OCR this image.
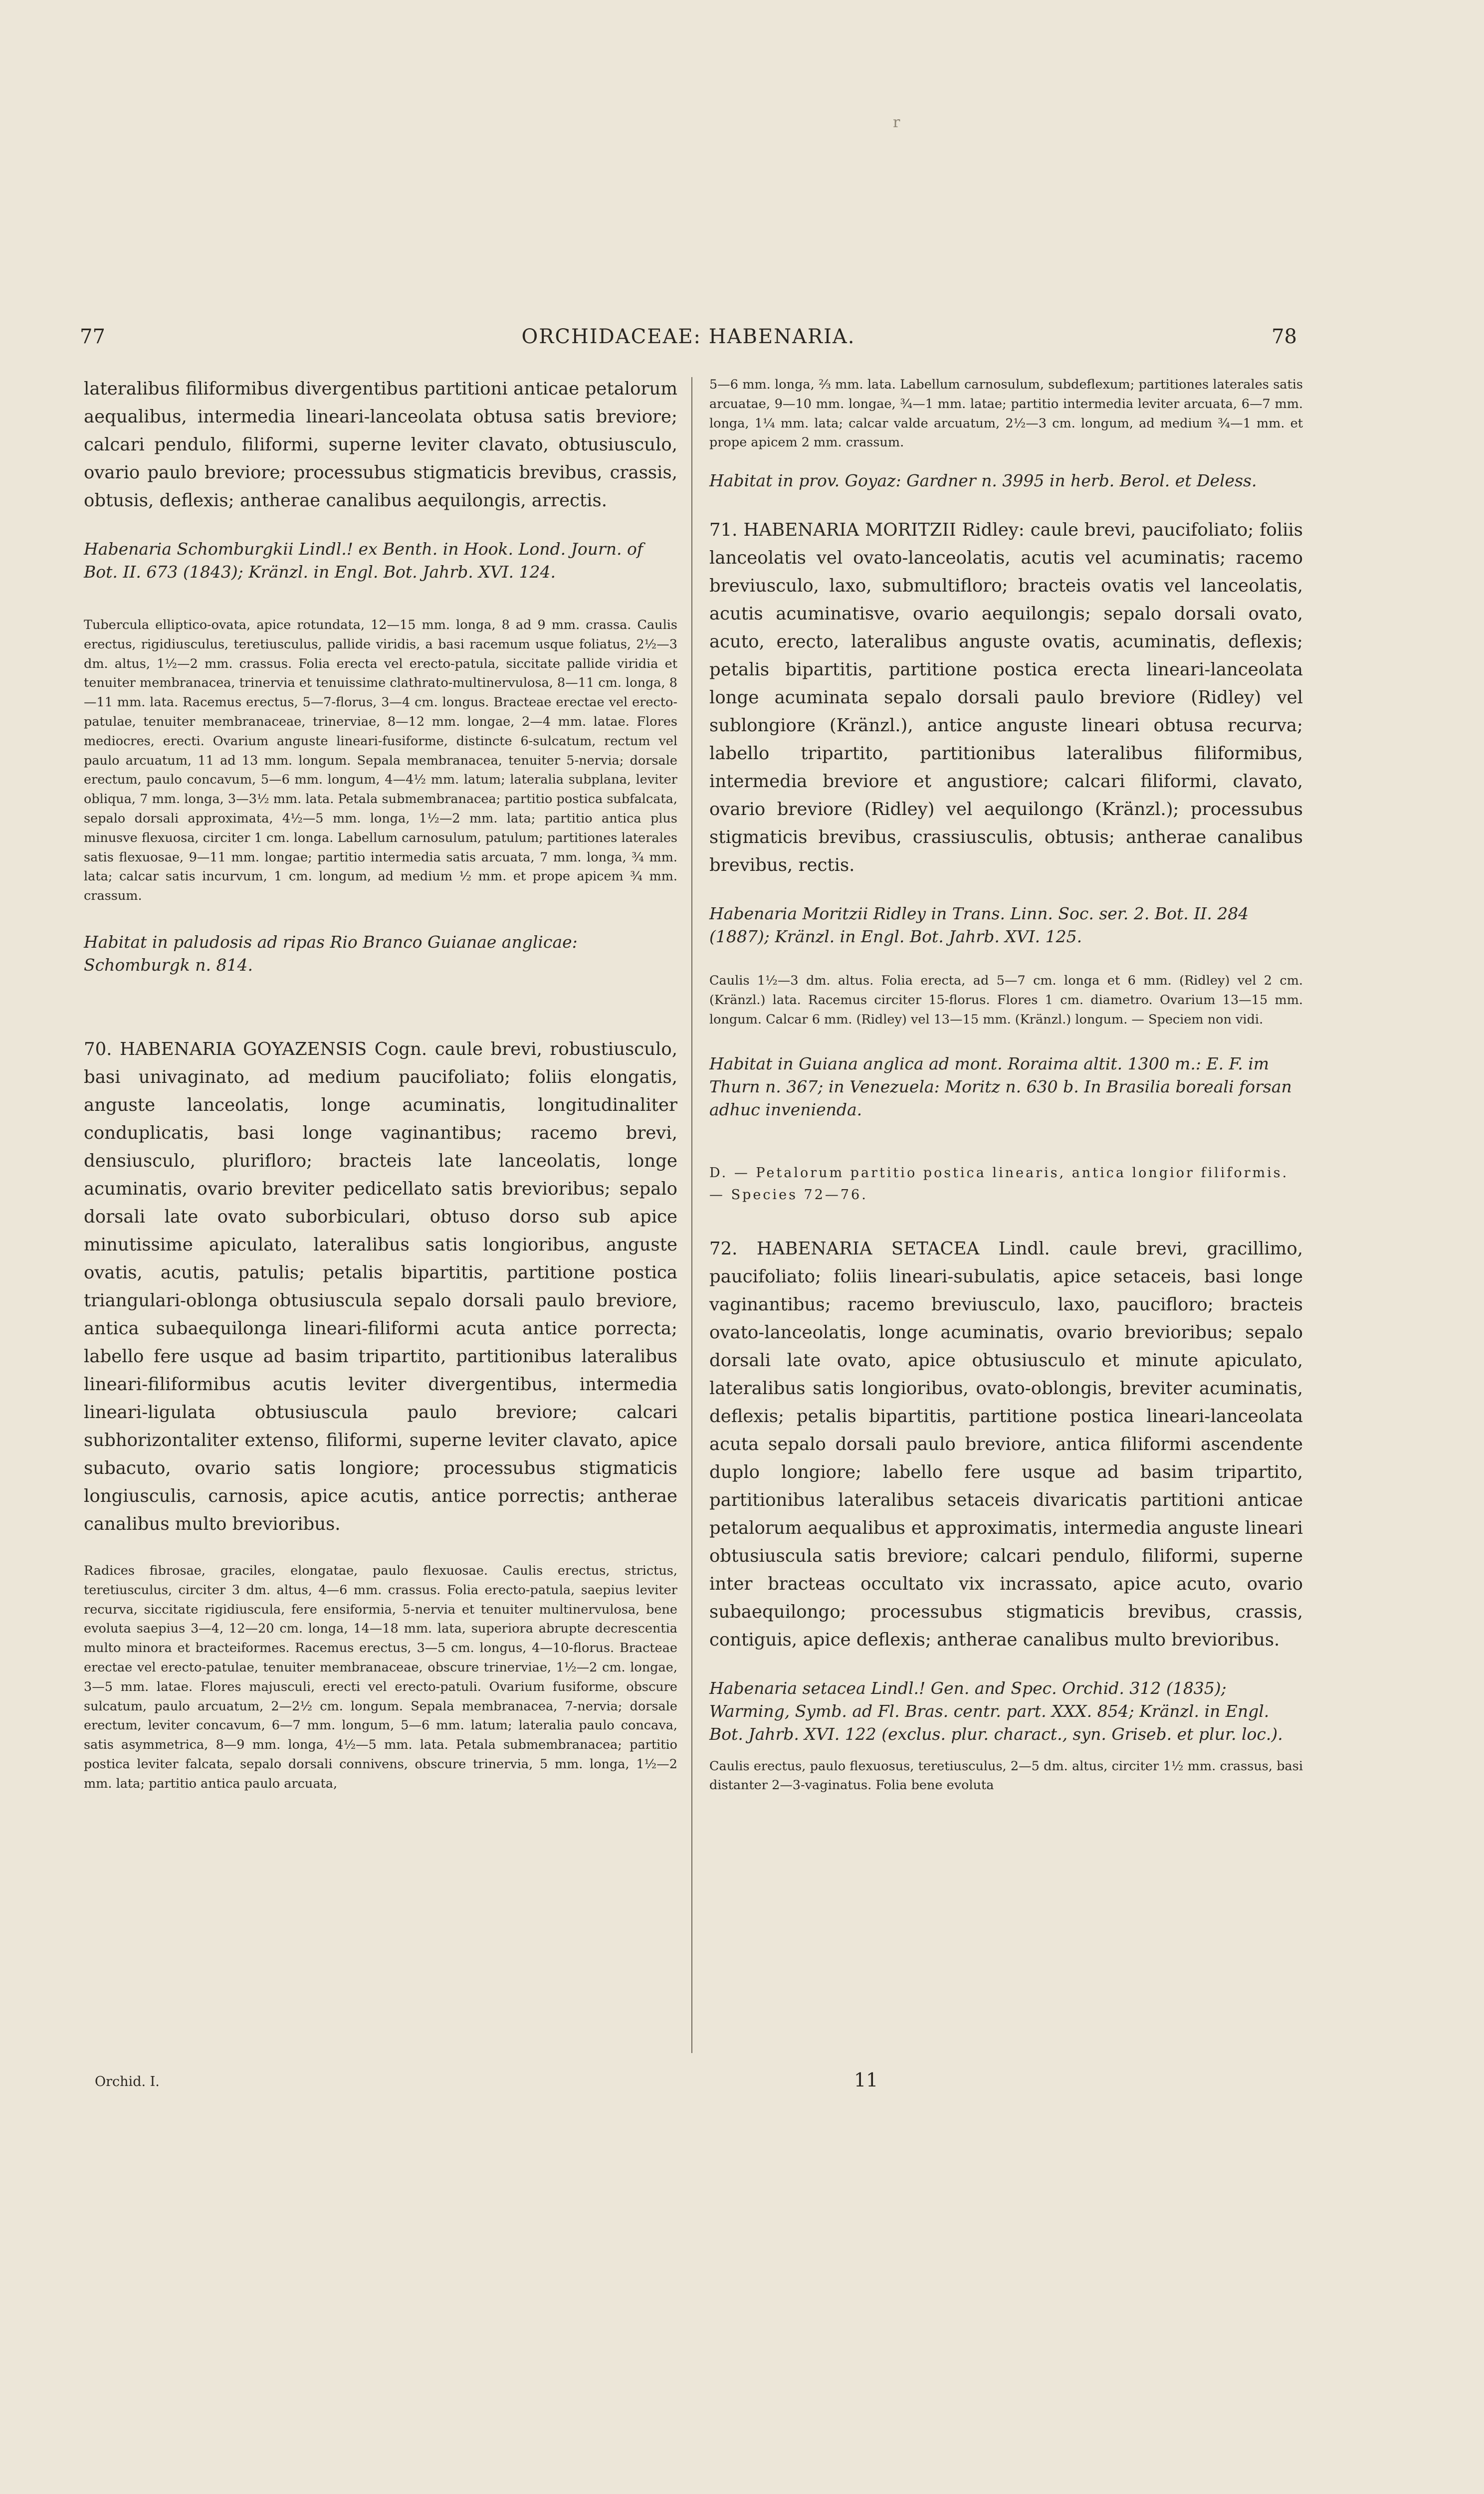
r
77	ORCHIDACEAE: HABENARIA.	78

lateralibus filiformibus divergentibus partitioni anticae petalorum aequalibus, intermedia lineari-lanceolata obtusa satis breviore; calcari pendulo, filiformi, superne leviter clavato, obtusiusculo, ovario paulo breviore; processubus stigmaticis brevibus, crassis, obtusis, deflexis; antherae canalibus aequilongis, arrectis.

Habenaria Schomburgkii Lindl.! ex Benth. in Hook. Lond. Journ. of Bot. II. 673 (1843); Kränzl. in Engl. Bot. Jahrb. XVI. 124.

Tubercula elliptico-ovata, apice rotundata, 12—15 mm. longa, 8 ad 9 mm. crassa. Caulis erectus, rigidiusculus, teretiusculus, pallide viridis, a basi racemum usque foliatus, 2½—3 dm. altus, 1½—2 mm. crassus. Folia erecta vel erecto-patula, siccitate pallide viridia et tenuiter membranacea, trinervia et tenuissime clathrato-multinervulosa, 8—11 cm. longa, 8—11 mm. lata. Racemus erectus, 5—7-florus, 3—4 cm. longus. Bracteae erectae vel erecto-patulae, tenuiter membranaceae, trinerviae, 8—12 mm. longae, 2—4 mm. latae. Flores mediocres, erecti. Ovarium anguste lineari-fusiforme, distincte 6-sulcatum, rectum vel paulo arcuatum, 11 ad 13 mm. longum. Sepala membranacea, tenuiter 5-nervia; dorsale erectum, paulo concavum, 5—6 mm. longum, 4—4½ mm. latum; lateralia subplana, leviter obliqua, 7 mm. longa, 3—3½ mm. lata. Petala submembranacea; partitio postica subfalcata, sepalo dorsali approximata, 4½—5 mm. longa, 1½—2 mm. lata; partitio antica plus minusve flexuosa, circiter 1 cm. longa. Labellum carnosulum, patulum; partitiones laterales satis flexuosae, 9—11 mm. longae; partitio intermedia satis arcuata, 7 mm. longa, ¾ mm. lata; calcar satis incurvum, 1 cm. longum, ad medium ½ mm. et prope apicem ¾ mm. crassum.

Habitat in paludosis ad ripas Rio Branco Guianae anglicae: Schomburgk n. 814.

70. HABENARIA GOYAZENSIS Cogn. caule brevi, robustiusculo, basi univaginato, ad medium paucifoliato; foliis elongatis, anguste lanceolatis, longe acuminatis, longitudinaliter conduplicatis, basi longe vaginantibus; racemo brevi, densiusculo, plurifloro; bracteis late lanceolatis, longe acuminatis, ovario breviter pedicellato satis brevioribus; sepalo dorsali late ovato suborbiculari, obtuso dorso sub apice minutissime apiculato, lateralibus satis longioribus, anguste ovatis, acutis, patulis; petalis bipartitis, partitione postica triangulari-oblonga obtusiuscula sepalo dorsali paulo breviore, antica subaequilonga lineari-filiformi acuta antice porrecta; labello fere usque ad basim tripartito, partitionibus lateralibus lineari-filiformibus acutis leviter divergentibus, intermedia lineari-ligulata obtusiuscula paulo breviore; calcari subhorizontaliter extenso, filiformi, superne leviter clavato, apice subacuto, ovario satis longiore; processubus stigmaticis longiusculis, carnosis, apice acutis, antice porrectis; antherae canalibus multo brevioribus.

Radices fibrosae, graciles, elongatae, paulo flexuosae. Caulis erectus, strictus, teretiusculus, circiter 3 dm. altus, 4—6 mm. crassus. Folia erecto-patula, saepius leviter recurva, siccitate rigidiuscula, fere ensiformia, 5-nervia et tenuiter multinervulosa, bene evoluta saepius 3—4, 12—20 cm. longa, 14—18 mm. lata, superiora abrupte decrescentia multo minora et bracteiformes. Racemus erectus, 3—5 cm. longus, 4—10-florus. Bracteae erectae vel erecto-patulae, tenuiter membranaceae, obscure trinerviae, 1½—2 cm. longae, 3—5 mm. latae. Flores majusculi, erecti vel erecto-patuli. Ovarium fusiforme, obscure sulcatum, paulo arcuatum, 2—2½ cm. longum. Sepala membranacea, 7-nervia; dorsale erectum, leviter concavum, 6—7 mm. longum, 5—6 mm. latum; lateralia paulo concava, satis asymmetrica, 8—9 mm. longa, 4½—5 mm. lata. Petala submembranacea; partitio postica leviter falcata, sepalo dorsali connivens, obscure trinervia, 5 mm. longa, 1½—2 mm. lata; partitio antica paulo arcuata,

Orchid. I.

5—6 mm. longa, ⅔ mm. lata. Labellum carnosulum, subdeflexum; partitiones laterales satis arcuatae, 9—10 mm. longae, ¾—1 mm. latae; partitio intermedia leviter arcuata, 6—7 mm. longa, 1¼ mm. lata; calcar valde arcuatum, 2½—3 cm. longum, ad medium ¾—1 mm. et prope apicem 2 mm. crassum.

Habitat in prov. Goyaz: Gardner n. 3995 in herb. Berol. et Deless.

71. HABENARIA MORITZII Ridley: caule brevi, paucifoliato; foliis lanceolatis vel ovato-lanceolatis, acutis vel acuminatis; racemo breviusculo, laxo, submultifloro; bracteis ovatis vel lanceolatis, acutis acuminatisve, ovario aequilongis; sepalo dorsali ovato, acuto, erecto, lateralibus anguste ovatis, acuminatis, deflexis; petalis bipartitis, partitione postica erecta lineari-lanceolata longe acuminata sepalo dorsali paulo breviore (Ridley) vel sublongiore (Kränzl.), antice anguste lineari obtusa recurva; labello tripartito, partitionibus lateralibus filiformibus, intermedia breviore et angustiore; calcari filiformi, clavato, ovario breviore (Ridley) vel aequilongo (Kränzl.); processubus stigmaticis brevibus, crassiusculis, obtusis; antherae canalibus brevibus, rectis.

Habenaria Moritzii Ridley in Trans. Linn. Soc. ser. 2. Bot. II. 284 (1887); Kränzl. in Engl. Bot. Jahrb. XVI. 125.

Caulis 1½—3 dm. altus. Folia erecta, ad 5—7 cm. longa et 6 mm. (Ridley) vel 2 cm. (Kränzl.) lata. Racemus circiter 15-florus. Flores 1 cm. diametro. Ovarium 13—15 mm. longum. Calcar 6 mm. (Ridley) vel 13—15 mm. (Kränzl.) longum. — Speciem non vidi.

Habitat in Guiana anglica ad mont. Roraima altit. 1300 m.: E. F. im Thurn n. 367; in Venezuela: Moritz n. 630 b. In Brasilia boreali forsan adhuc invenienda.

D. — Petalorum partitio postica linearis, antica longior filiformis. — Species 72—76.

72. HABENARIA SETACEA Lindl. caule brevi, gracillimo, paucifoliato; foliis lineari-subulatis, apice setaceis, basi longe vaginantibus; racemo breviusculo, laxo, paucifloro; bracteis ovato-lanceolatis, longe acuminatis, ovario brevioribus; sepalo dorsali late ovato, apice obtusiusculo et minute apiculato, lateralibus satis longioribus, ovato-oblongis, breviter acuminatis, deflexis; petalis bipartitis, partitione postica lineari-lanceolata acuta sepalo dorsali paulo breviore, antica filiformi ascendente duplo longiore; labello fere usque ad basim tripartito, partitionibus lateralibus setaceis divaricatis partitioni anticae petalorum aequalibus et approximatis, intermedia anguste lineari obtusiuscula satis breviore; calcari pendulo, filiformi, superne inter bracteas occultato vix incrassato, apice acuto, ovario subaequilongo; processubus stigmaticis brevibus, crassis, contiguis, apice deflexis; antherae canalibus multo brevioribus.

Habenaria setacea Lindl.! Gen. and Spec. Orchid. 312 (1835); Warming, Symb. ad Fl. Bras. centr. part. XXX. 854; Kränzl. in Engl. Bot. Jahrb. XVI. 122 (exclus. plur. charact., syn. Griseb. et plur. loc.).

Caulis erectus, paulo flexuosus, teretiusculus, 2—5 dm. altus, circiter 1½ mm. crassus, basi distanter 2—3-vaginatus. Folia bene evoluta

11
